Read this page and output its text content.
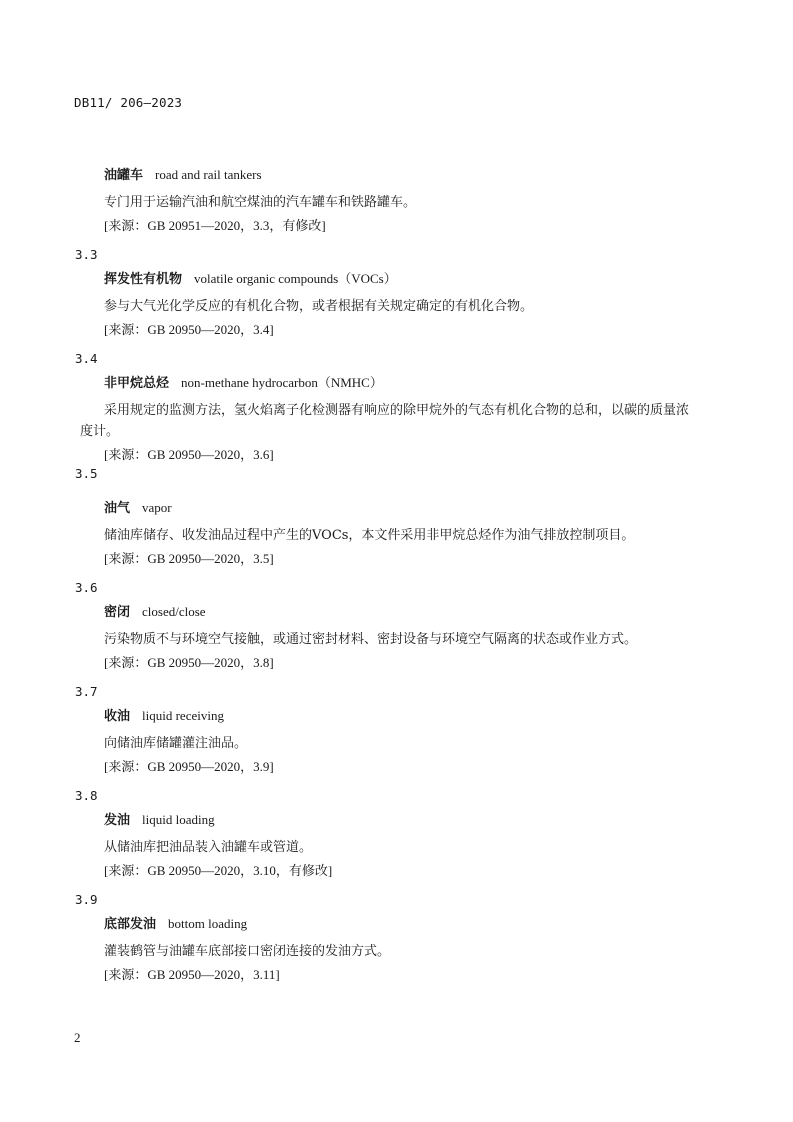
DB11/ 206—2023
油罐车 road and rail tankers
专门用于运输汽油和航空煤油的汽车罐车和铁路罐车。
[来源：GB 20951—2020，3.3，有修改]
3.3
挥发性有机物 volatile organic compounds（VOCs）
参与大气光化学反应的有机化合物，或者根据有关规定确定的有机化合物。
[来源：GB 20950—2020，3.4]
3.4
非甲烷总烃 non-methane hydrocarbon（NMHC）
采用规定的监测方法，氢火焰离子化检测器有响应的除甲烷外的气态有机化合物的总和，以碳的质量浓度计。
[来源：GB 20950—2020，3.6]
3.5
油气 vapor
储油库储存、收发油品过程中产生的VOCs，本文件采用非甲烷总烃作为油气排放控制项目。
[来源：GB 20950—2020，3.5]
3.6
密闭 closed/close
污染物质不与环境空气接触，或通过密封材料、密封设备与环境空气隔离的状态或作业方式。
[来源：GB 20950—2020，3.8]
3.7
收油 liquid receiving
向储油库储罐灌注油品。
[来源：GB 20950—2020，3.9]
3.8
发油 liquid loading
从储油库把油品装入油罐车或管道。
[来源：GB 20950—2020，3.10，有修改]
3.9
底部发油 bottom loading
灌装鹤管与油罐车底部接口密闭连接的发油方式。
[来源：GB 20950—2020，3.11]
2
